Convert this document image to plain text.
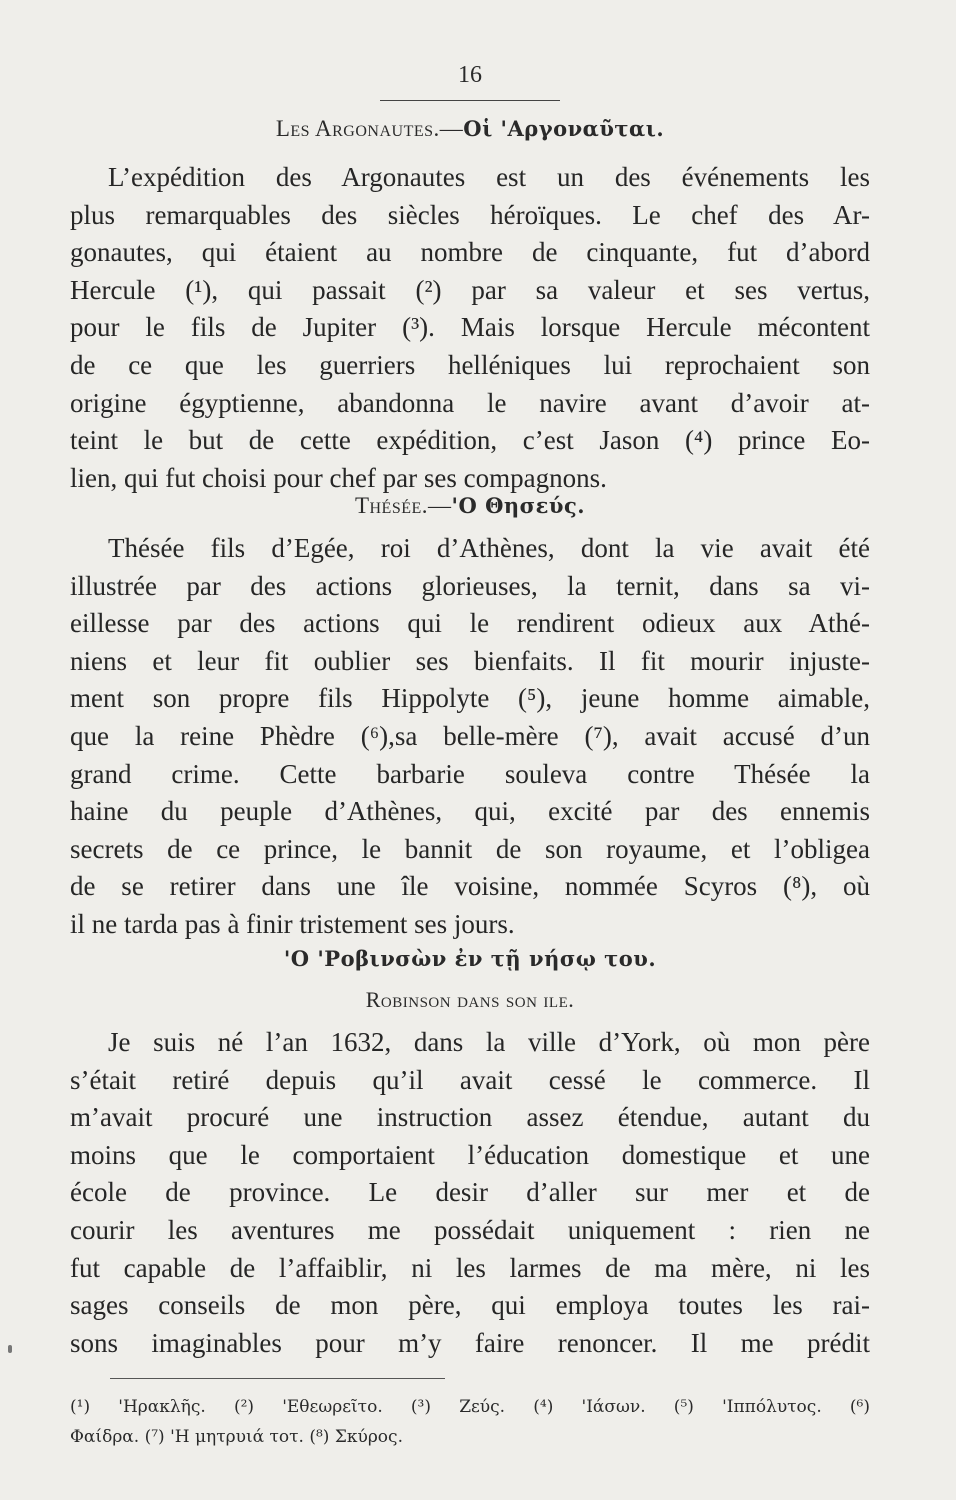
16
Les Argonautes.—Οἱ 'Αργοναῦται.
L’expédition des Argonautes est un des événements les
plus remarquables des siècles héroïques. Le chef des Ar-
gonautes, qui étaient au nombre de cinquante, fut d’abord
Hercule (¹), qui passait (²) par sa valeur et ses vertus,
pour le fils de Jupiter (³). Mais lorsque Hercule mécontent
de ce que les guerriers helléniques lui reprochaient son
origine égyptienne, abandonna le navire avant d’avoir at-
teint le but de cette expédition, c’est Jason (⁴) prince Eo-
lien, qui fut choisi pour chef par ses compagnons.
Thésée.—'Ο Θησεύς.
Thésée fils d’Egée, roi d’Athènes, dont la vie avait été
illustrée par des actions glorieuses, la ternit, dans sa vi-
eillesse par des actions qui le rendirent odieux aux Athé-
niens et leur fit oublier ses bienfaits. Il fit mourir injuste-
ment son propre fils Hippolyte (⁵), jeune homme aimable,
que la reine Phèdre (⁶),sa belle-mère (⁷), avait accusé d’un
grand crime. Cette barbarie souleva contre Thésée la
haine du peuple d’Athènes, qui, excité par des ennemis
secrets de ce prince, le bannit de son royaume, et l’obligea
de se retirer dans une île voisine, nommée Scyros (⁸), où
il ne tarda pas à finir tristement ses jours.
'Ο 'Ροβινσὼν ἐν τῇ νήσῳ του.
Robinson dans son ile.
Je suis né l’an 1632, dans la ville d’York, où mon père
s’était retiré depuis qu’il avait cessé le commerce. Il
m’avait procuré une instruction assez étendue, autant du
moins que le comportaient l’éducation domestique et une
école de province. Le desir d’aller sur mer et de
courir les aventures me possédait uniquement : rien ne
fut capable de l’affaiblir, ni les larmes de ma mère, ni les
sages conseils de mon père, qui employa toutes les rai-
sons imaginables pour m’y faire renoncer. Il me prédit
(¹) 'Ηρακλῆς. (²) 'Εθεωρεῖτο. (³) Ζεύς. (⁴) 'Ιάσων. (⁵) 'Ιππόλυτος. (⁶)
Φαίδρα. (⁷) 'Η μητρυιά τοτ. (⁸) Σκύρος.
